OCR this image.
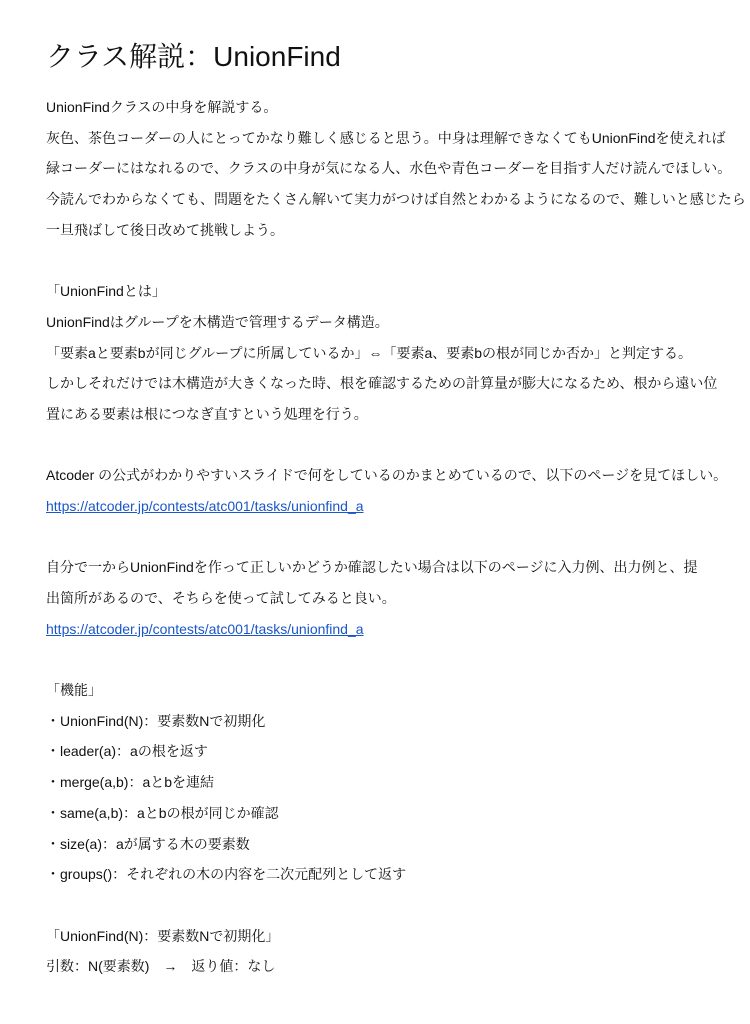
クラス解説：UnionFind
UnionFindクラスの中身を解説する。
灰色、茶色コーダーの人にとってかなり難しく感じると思う。中身は理解できなくてもUnionFindを使えれば
緑コーダーにはなれるので、クラスの中身が気になる人、水色や青色コーダーを目指す人だけ読んでほしい。
今読んでわからなくても、問題をたくさん解いて実力がつけば自然とわかるようになるので、難しいと感じたら
一旦飛ばして後日改めて挑戦しよう。
「UnionFindとは」
UnionFindはグループを木構造で管理するデータ構造。
「要素aと要素bが同じグループに所属しているか」⇔「要素a、要素bの根が同じか否か」と判定する。
しかしそれだけでは木構造が大きくなった時、根を確認するための計算量が膨大になるため、根から遠い位
置にある要素は根につなぎ直すという処理を行う。
Atcoder の公式がわかりやすいスライドで何をしているのかまとめているので、以下のページを見てほしい。
https://atcoder.jp/contests/atc001/tasks/unionfind_a
自分で一からUnionFindを作って正しいかどうか確認したい場合は以下のページに入力例、出力例と、提
出箇所があるので、そちらを使って試してみると良い。
https://atcoder.jp/contests/atc001/tasks/unionfind_a
「機能」
・UnionFind(N)：要素数Nで初期化
・leader(a)：aの根を返す
・merge(a,b)：aとbを連結
・same(a,b)：aとbの根が同じか確認
・size(a)：aが属する木の要素数
・groups()：それぞれの木の内容を二次元配列として返す
「UnionFind(N)：要素数Nで初期化」
引数：N(要素数)　→　返り値：なし
